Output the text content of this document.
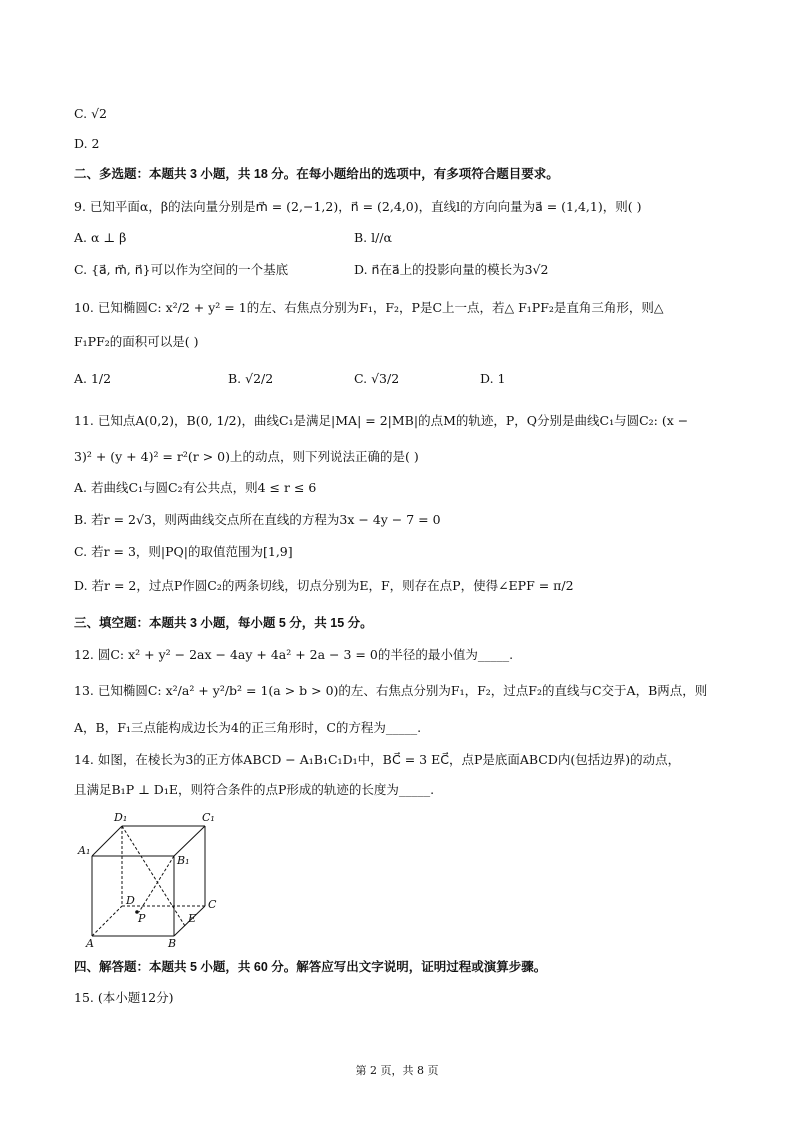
C. √2
D. 2
二、多选题：本题共 3 小题，共 18 分。在每小题给出的选项中，有多项符合题目要求。
9. 已知平面α，β的法向量分别是m⃗ = (2,−1,2)，n⃗ = (2,4,0)，直线l的方向向量为a⃗ = (1,4,1)，则( )
A. α ⊥ β	B. l//α
C. {a⃗, m⃗, n⃗}可以作为空间的一个基底	D. n⃗在a⃗上的投影向量的模长为3√2
10. 已知椭圆C: x²/2 + y² = 1的左、右焦点分别为F₁，F₂，P是C上一点，若△ F₁PF₂是直角三角形，则△
F₁PF₂的面积可以是( )
A. 1/2	B. √2/2	C. √3/2	D. 1
11. 已知点A(0,2)，B(0, 1/2)，曲线C₁是满足|MA| = 2|MB|的点M的轨迹，P，Q分别是曲线C₁与圆C₂: (x −
3)² + (y + 4)² = r²(r > 0)上的动点，则下列说法正确的是( )
A. 若曲线C₁与圆C₂有公共点，则4 ≤ r ≤ 6
B. 若r = 2√3，则两曲线交点所在直线的方程为3x − 4y − 7 = 0
C. 若r = 3，则|PQ|的取值范围为[1,9]
D. 若r = 2，过点P作圆C₂的两条切线，切点分别为E，F，则存在点P，使得∠EPF = π/2
三、填空题：本题共 3 小题，每小题 5 分，共 15 分。
12. 圆C: x² + y² − 2ax − 4ay + 4a² + 2a − 3 = 0的半径的最小值为_____.
13. 已知椭圆C: x²/a² + y²/b² = 1(a > b > 0)的左、右焦点分别为F₁，F₂，过点F₂的直线与C交于A，B两点，则
A，B，F₁三点能构成边长为4的正三角形时，C的方程为_____.
14. 如图，在棱长为3的正方体ABCD − A₁B₁C₁D₁中，BC⃗ = 3 EC⃗，点P是底面ABCD内(包括边界)的动点，
且满足B₁P ⊥ D₁E，则符合条件的点P形成的轨迹的长度为_____.
D₁	C₁
A₁
B₁
D	C
P	E
A	B
四、解答题：本题共 5 小题，共 60 分。解答应写出文字说明，证明过程或演算步骤。
15. (本小题12分)
第 2 页，共 8 页
